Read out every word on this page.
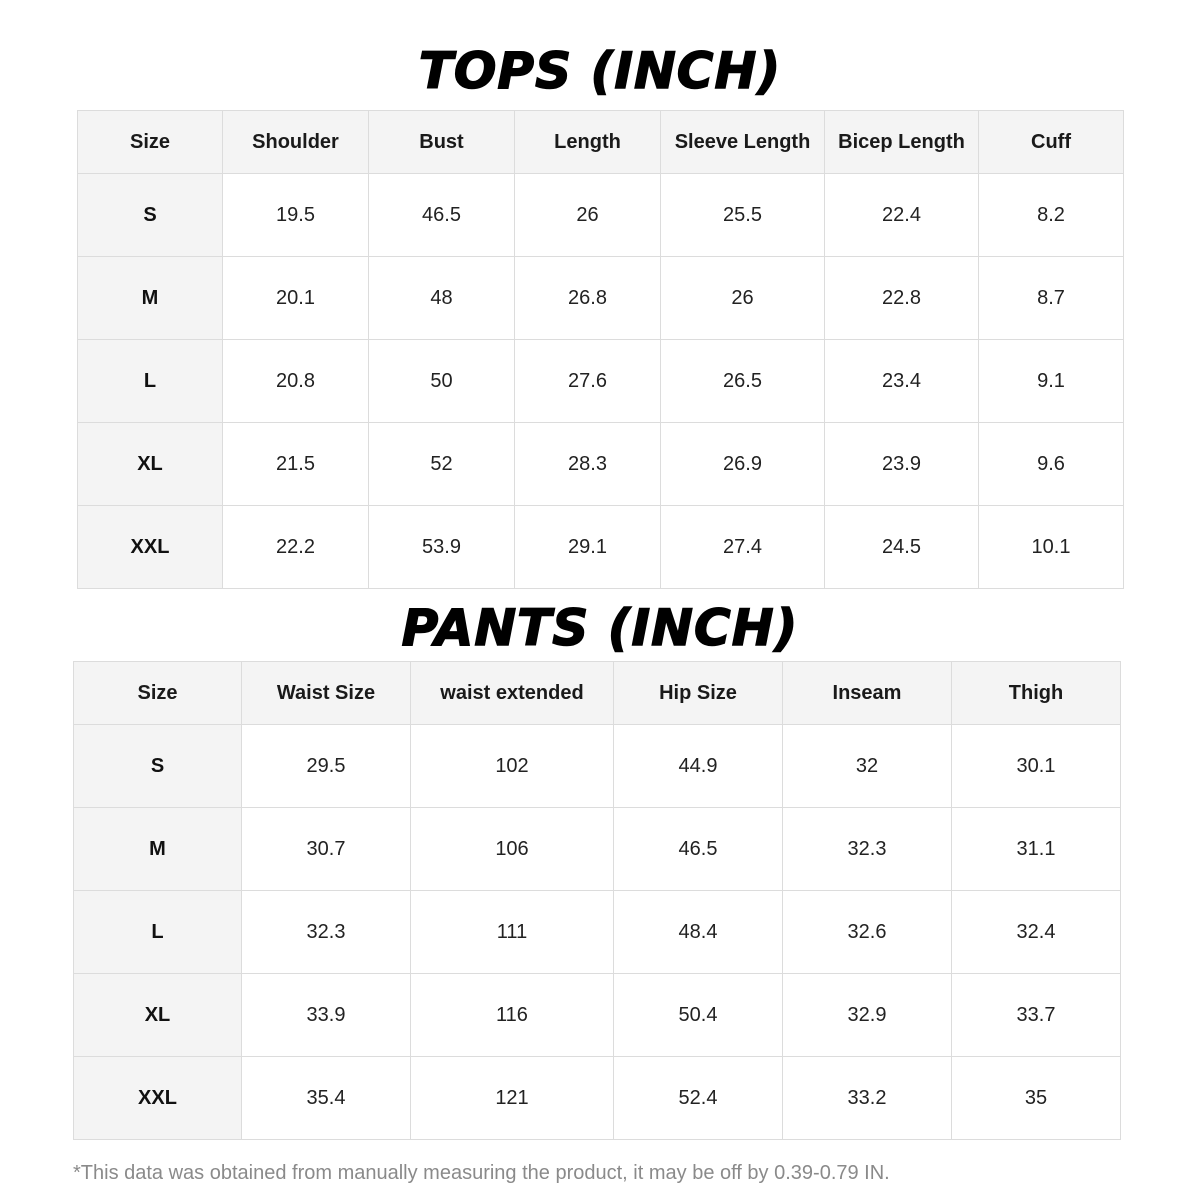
TOPS (INCH)
Size	Shoulder	Bust	Length	Sleeve Length	Bicep Length	Cuff
S	19.5	46.5	26	25.5	22.4	8.2
M	20.1	48	26.8	26	22.8	8.7
L	20.8	50	27.6	26.5	23.4	9.1
XL	21.5	52	28.3	26.9	23.9	9.6
XXL	22.2	53.9	29.1	27.4	24.5	10.1
PANTS (INCH)
Size	Waist Size	waist extended	Hip Size	Inseam	Thigh
S	29.5	102	44.9	32	30.1
M	30.7	106	46.5	32.3	31.1
L	32.3	111	48.4	32.6	32.4
XL	33.9	116	50.4	32.9	33.7
XXL	35.4	121	52.4	33.2	35
*This data was obtained from manually measuring the product, it may be off by 0.39-0.79 IN.
